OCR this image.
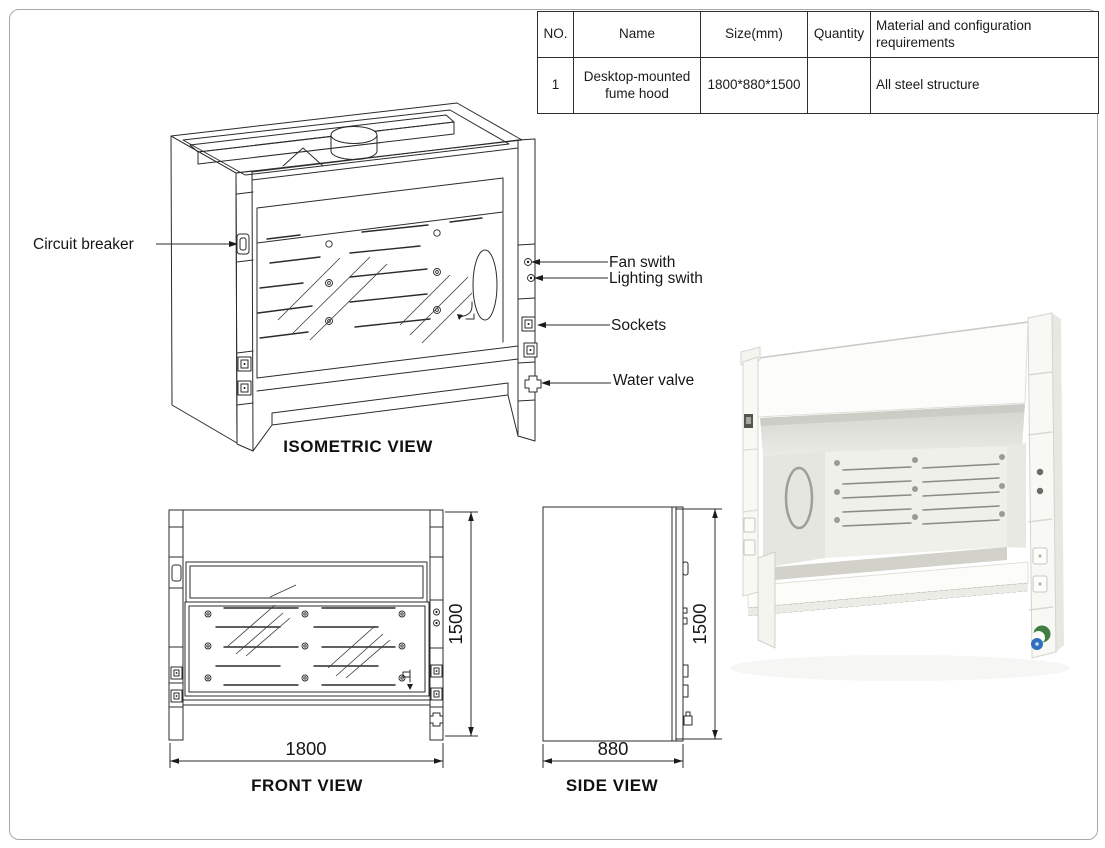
NO.	Name	Size(mm)	Quantity	Material and configuration requirements
1	Desktop-mounted fume hood	1800*880*1500		All steel structure
1800
1500
880
1500
Circuit breaker
Fan swith
Lighting swith
Sockets
Water valve
ISOMETRIC VIEW
FRONT VIEW	SIDE VIEW
